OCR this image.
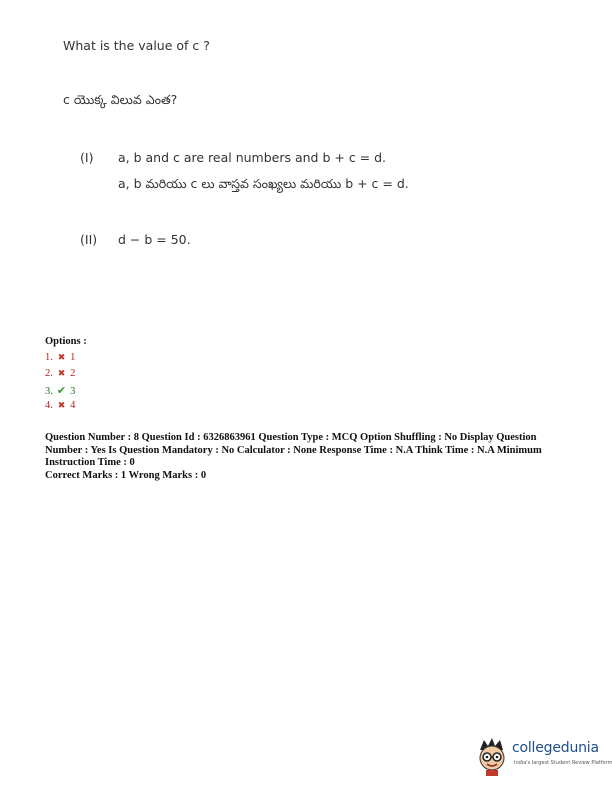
What is the value of c ?
c యొక్క విలువ ఎంత?
(I) a, b and c are real numbers and b + c = d.
a, b మరియు c లు వాస్తవ సంఖ్యలు మరియు b + c = d.
(II) d − b = 50.
Options :
1. ✖ 1
2. ✖ 2
3. ✔ 3
4. ✖ 4

Question Number : 8 Question Id : 6326863961 Question Type : MCQ Option Shuffling : No Display Question Number : Yes Is Question Mandatory : No Calculator : None Response Time : N.A Think Time : N.A Minimum Instruction Time : 0

Correct Marks : 1 Wrong Marks : 0

collegedunia
India's largest Student Review Platform
